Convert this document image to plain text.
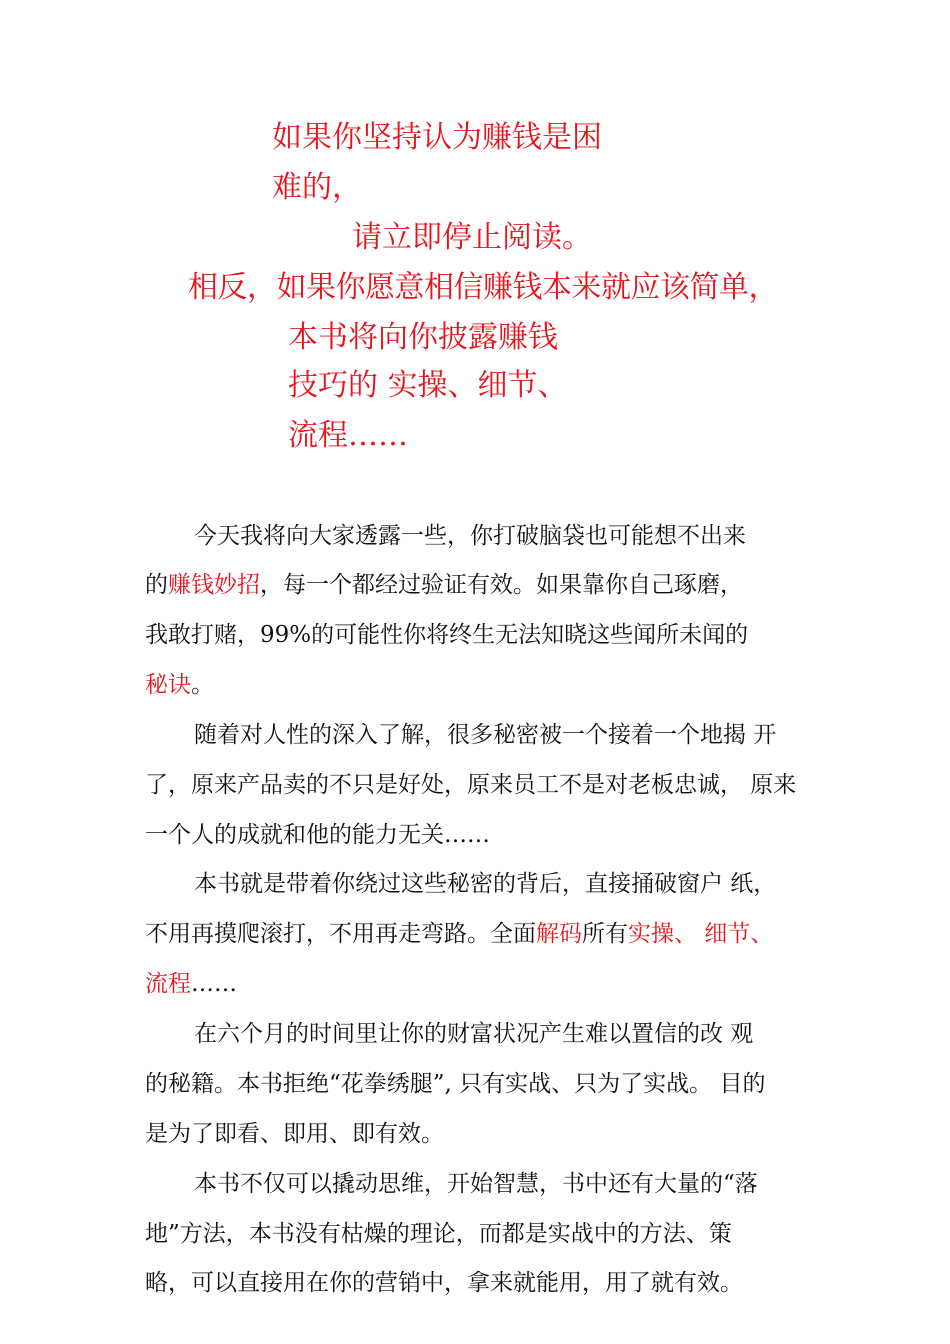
如果你坚持认为赚钱是困

难的，

请立即停止阅读。

相反，如果你愿意相信赚钱本来就应该简单，

本书将向你披露赚钱

技巧的 实操、细节、

流程……

今天我将向大家透露一些，你打破脑袋也可能想不出来

的赚钱妙招，每一个都经过验证有效。如果靠你自己琢磨，

我敢打赌，99%的可能性你将终生无法知晓这些闻所未闻的

秘诀。

随着对人性的深入了解，很多秘密被一个接着一个地揭 开

了，原来产品卖的不只是好处，原来员工不是对老板忠诚， 原来

一个人的成就和他的能力无关……

本书就是带着你绕过这些秘密的背后，直接捅破窗户 纸，

不用再摸爬滚打，不用再走弯路。全面解码所有实操、 细节、

流程……

在六个月的时间里让你的财富状况产生难以置信的改 观

的秘籍。本书拒绝“花拳绣腿”, 只有实战、只为了实战。 目的

是为了即看、即用、即有效。

本书不仅可以撬动思维，开始智慧，书中还有大量的“落

地”方法，本书没有枯燥的理论，而都是实战中的方法、策

略，可以直接用在你的营销中，拿来就能用，用了就有效。
